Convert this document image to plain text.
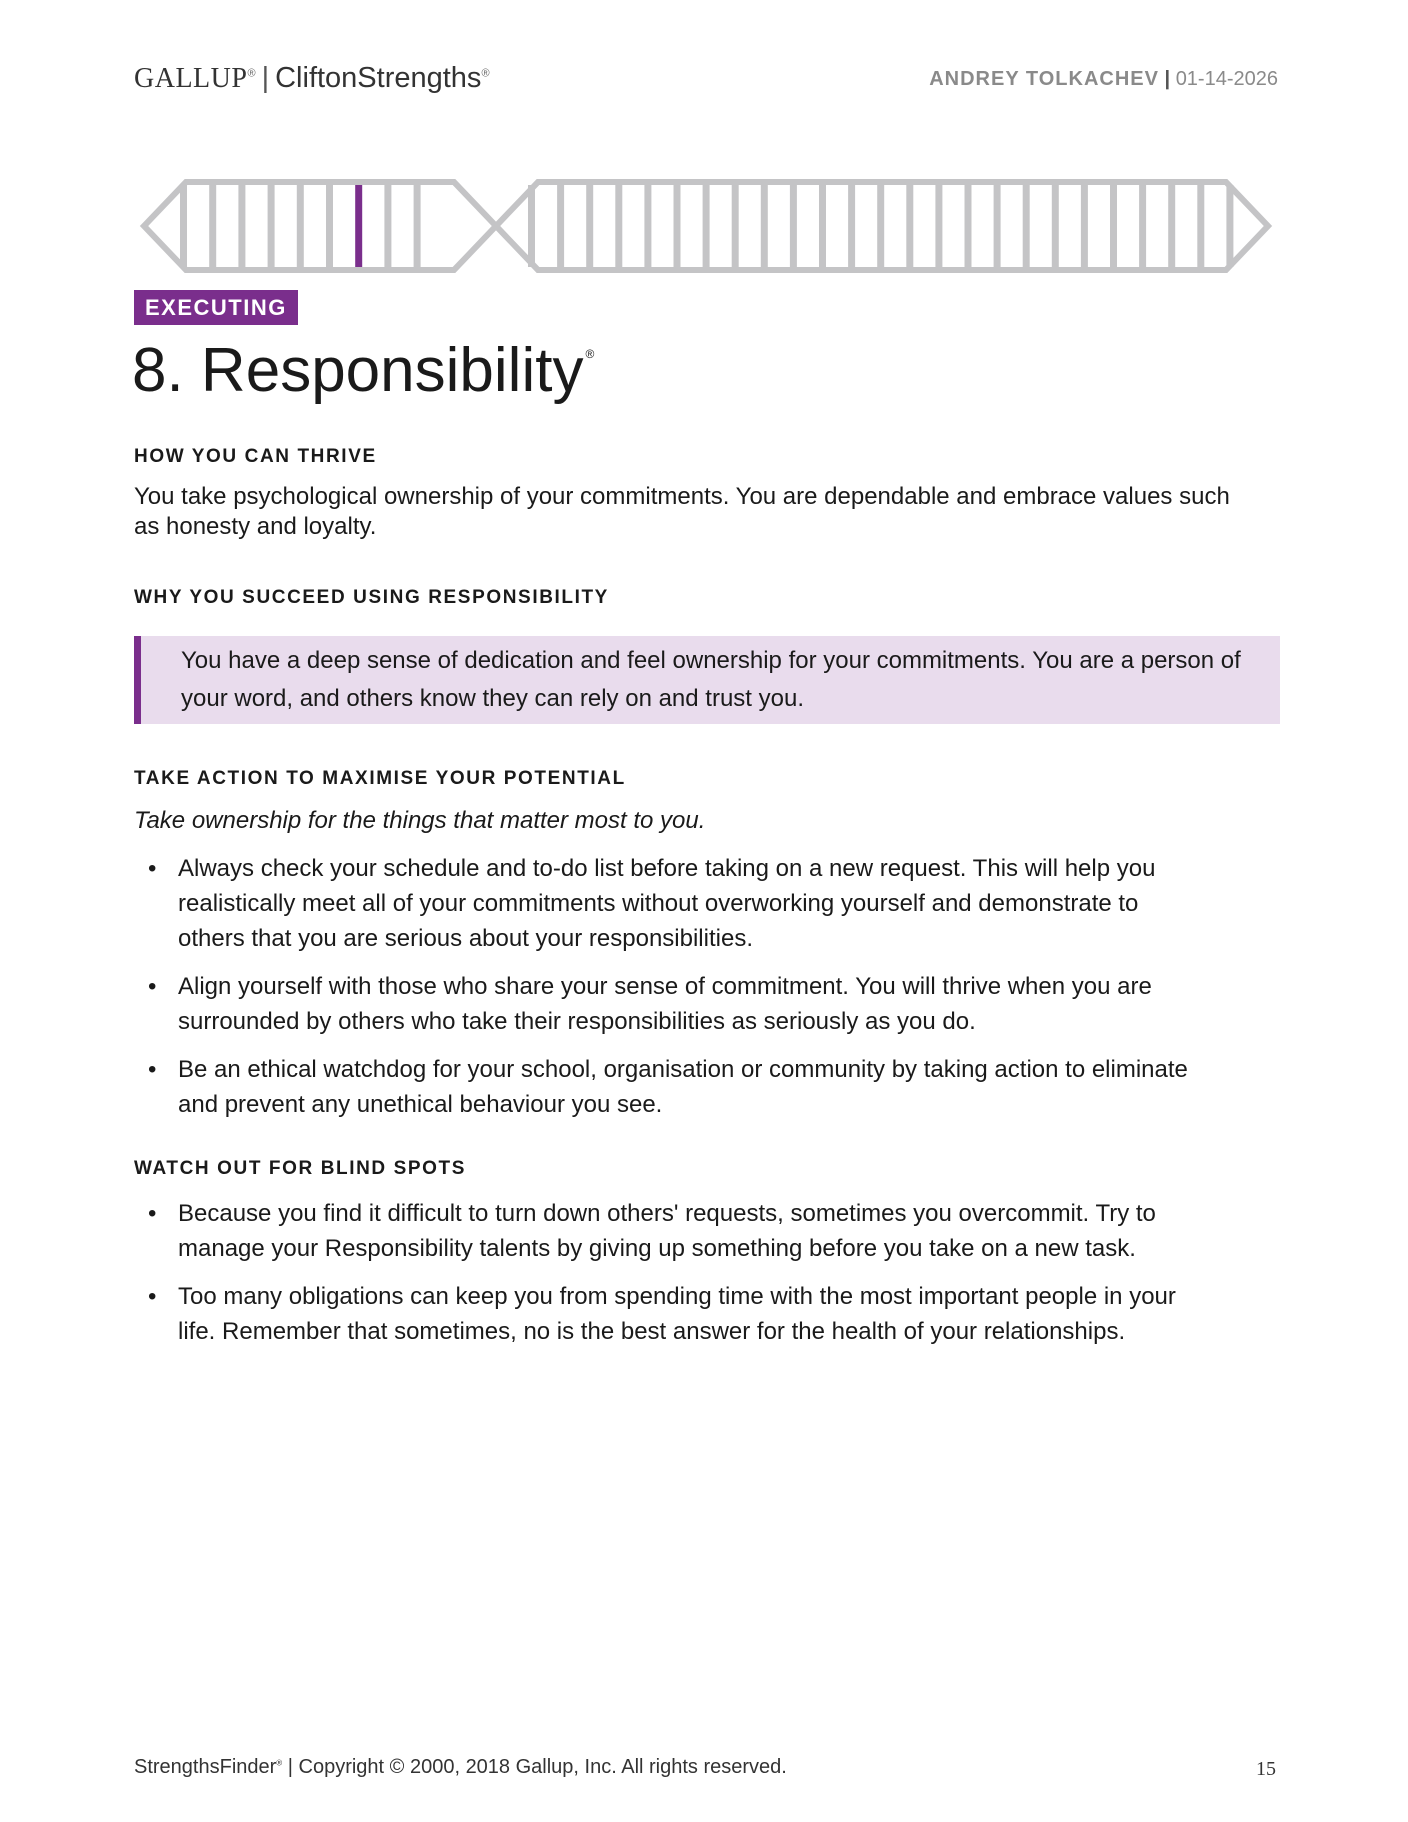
GALLUP® | CliftonStrengths®	ANDREY TOLKACHEV | 01-14-2026
EXECUTING
8. Responsibility ®
HOW YOU CAN THRIVE
You take psychological ownership of your commitments. You are dependable and embrace values such as honesty and loyalty.
WHY YOU SUCCEED USING RESPONSIBILITY
You have a deep sense of dedication and feel ownership for your commitments. You are a person of your word, and others know they can rely on and trust you.
TAKE ACTION TO MAXIMISE YOUR POTENTIAL
Take ownership for the things that matter most to you.
• Always check your schedule and to-do list before taking on a new request. This will help you realistically meet all of your commitments without overworking yourself and demonstrate to others that you are serious about your responsibilities.
• Align yourself with those who share your sense of commitment. You will thrive when you are surrounded by others who take their responsibilities as seriously as you do.
• Be an ethical watchdog for your school, organisation or community by taking action to eliminate and prevent any unethical behaviour you see.
WATCH OUT FOR BLIND SPOTS
• Because you find it difficult to turn down others' requests, sometimes you overcommit. Try to manage your Responsibility talents by giving up something before you take on a new task.
• Too many obligations can keep you from spending time with the most important people in your life. Remember that sometimes, no is the best answer for the health of your relationships.
StrengthsFinder® | Copyright © 2000, 2018 Gallup, Inc. All rights reserved.	15
